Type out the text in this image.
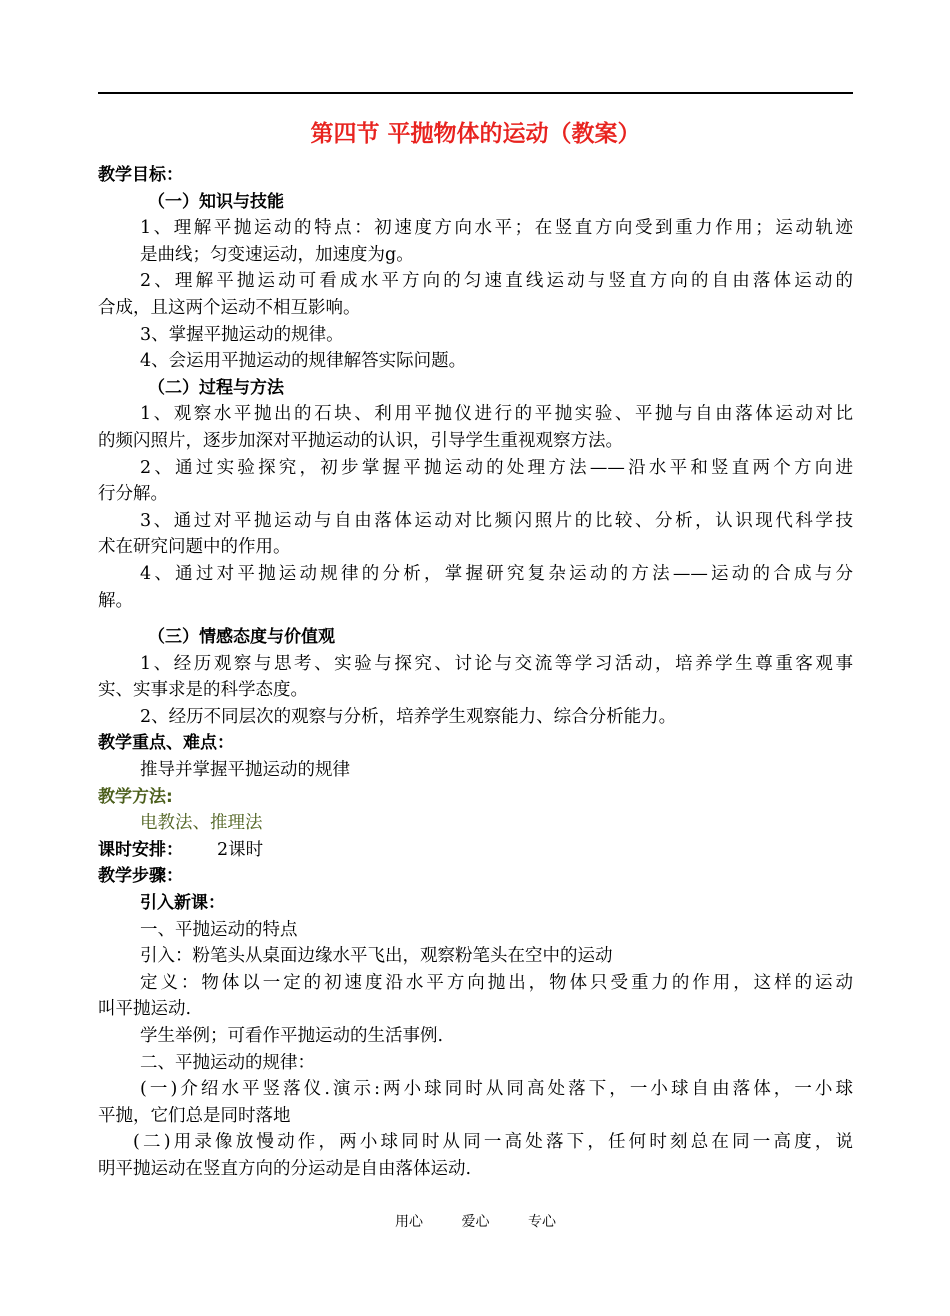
第四节 平抛物体的运动（教案）
教学目标：
（一）知识与技能
1、理解平抛运动的特点：初速度方向水平；在竖直方向受到重力作用；运动轨迹
是曲线；匀变速运动，加速度为g。
2、理解平抛运动可看成水平方向的匀速直线运动与竖直方向的自由落体运动的
合成，且这两个运动不相互影响。
3、掌握平抛运动的规律。
4、会运用平抛运动的规律解答实际问题。
（二）过程与方法
1、观察水平抛出的石块、利用平抛仪进行的平抛实验、平抛与自由落体运动对比
的频闪照片，逐步加深对平抛运动的认识，引导学生重视观察方法。
2、通过实验探究，初步掌握平抛运动的处理方法——沿水平和竖直两个方向进
行分解。
3、通过对平抛运动与自由落体运动对比频闪照片的比较、分析，认识现代科学技
术在研究问题中的作用。
4、通过对平抛运动规律的分析，掌握研究复杂运动的方法——运动的合成与分
解。
（三）情感态度与价值观
1、经历观察与思考、实验与探究、讨论与交流等学习活动，培养学生尊重客观事
实、实事求是的科学态度。
2、经历不同层次的观察与分析，培养学生观察能力、综合分析能力。
教学重点、难点：
推导并掌握平抛运动的规律
教学方法:
电教法、推理法
课时安排： 2课时
教学步骤：
引入新课：
一、平抛运动的特点
引入：粉笔头从桌面边缘水平飞出，观察粉笔头在空中的运动
定义：物体以一定的初速度沿水平方向抛出，物体只受重力的作用，这样的运动
叫平抛运动.
学生举例；可看作平抛运动的生活事例.
二、平抛运动的规律：
(一)介绍水平竖落仪.演示:两小球同时从同高处落下，一小球自由落体，一小球
平抛，它们总是同时落地
(二)用录像放慢动作，两小球同时从同一高处落下，任何时刻总在同一高度，说
明平抛运动在竖直方向的分运动是自由落体运动.
用心	爱心	专心
